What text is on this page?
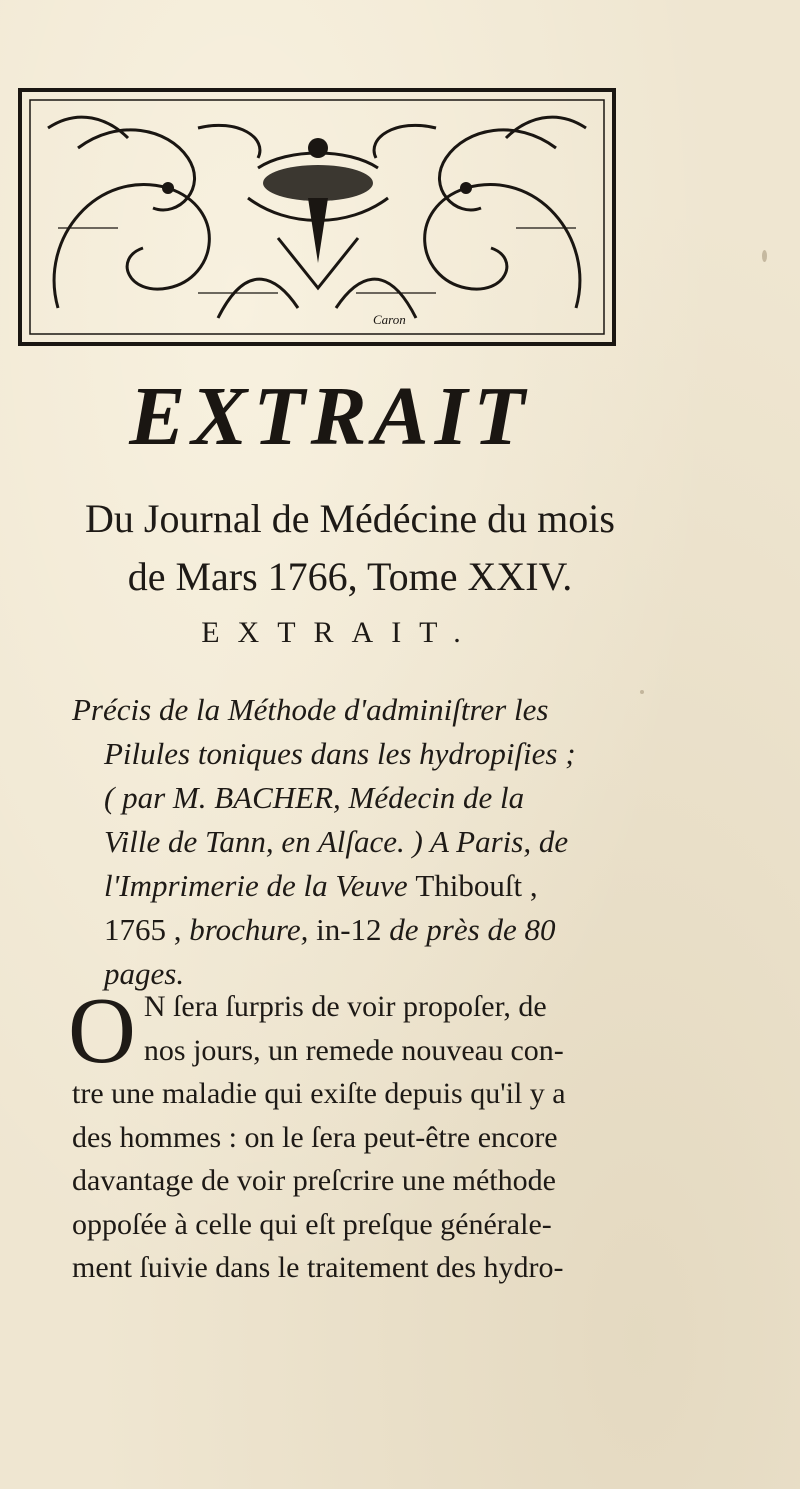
Caron
EXTRAIT
Du Journal de Médécine du mois
de Mars 1766, Tome XXIV.
EXTRAIT.

Précis de la Méthode d'adminiſtrer les

Pilules toniques dans les hydropiſies ;

( par M. BACHER, Médecin de la

Ville de Tann, en Alſace. ) A Paris, de

l'Imprimerie de la Veuve Thibouſt ,

1765 , brochure, in-12 de près de 80

pages.

O N ſera ſurpris de voir propoſer, de

nos jours, un remede nouveau con-

tre une maladie qui exiſte depuis qu'il y a

des hommes : on le ſera peut-être encore

davantage de voir preſcrire une méthode

oppoſée à celle qui eſt preſque générale-

ment ſuivie dans le traitement des hydro-
